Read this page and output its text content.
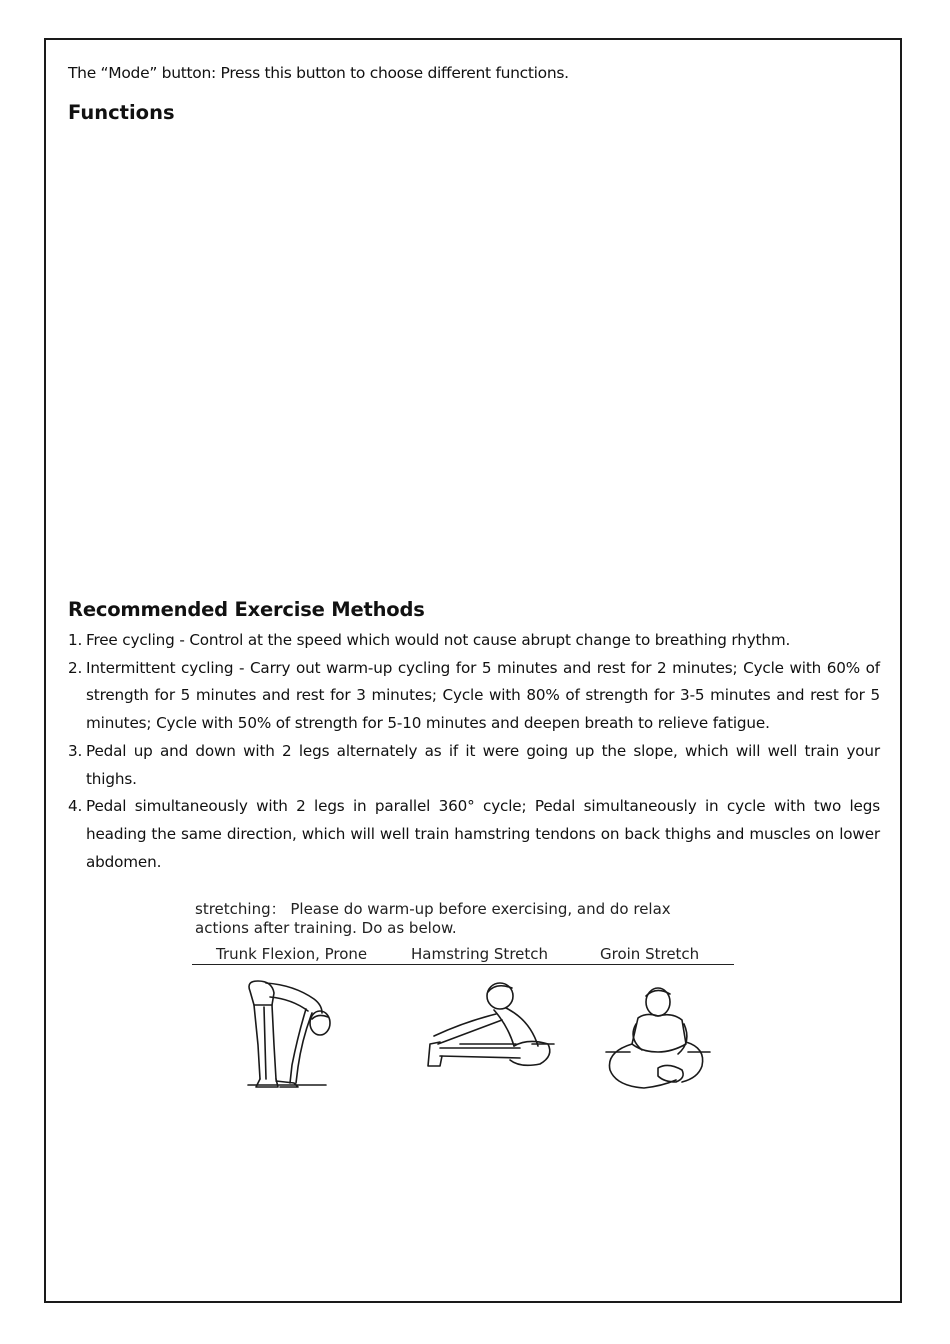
The “Mode” button: Press this button to choose different functions.
Functions
Recommended Exercise Methods
1. Free cycling - Control at the speed which would not cause abrupt change to breathing rhythm.
2. Intermittent cycling - Carry out warm-up cycling for 5 minutes and rest for 2 minutes; Cycle with 60% of strength for 5 minutes and rest for 3 minutes; Cycle with 80% of strength for 3-5 minutes and rest for 5 minutes; Cycle with 50% of strength for 5-10 minutes and deepen breath to relieve fatigue.
3. Pedal up and down with 2 legs alternately as if it were going up the slope, which will well train your thighs.
4. Pedal simultaneously with 2 legs in parallel 360° cycle; Pedal simultaneously in cycle with two legs heading the same direction, which will well train hamstring tendons on back thighs and muscles on lower abdomen.
stretching： Please do warm-up before exercising, and do relax
actions after training. Do as below.
Trunk Flexion, Prone	Hamstring Stretch	Groin Stretch
